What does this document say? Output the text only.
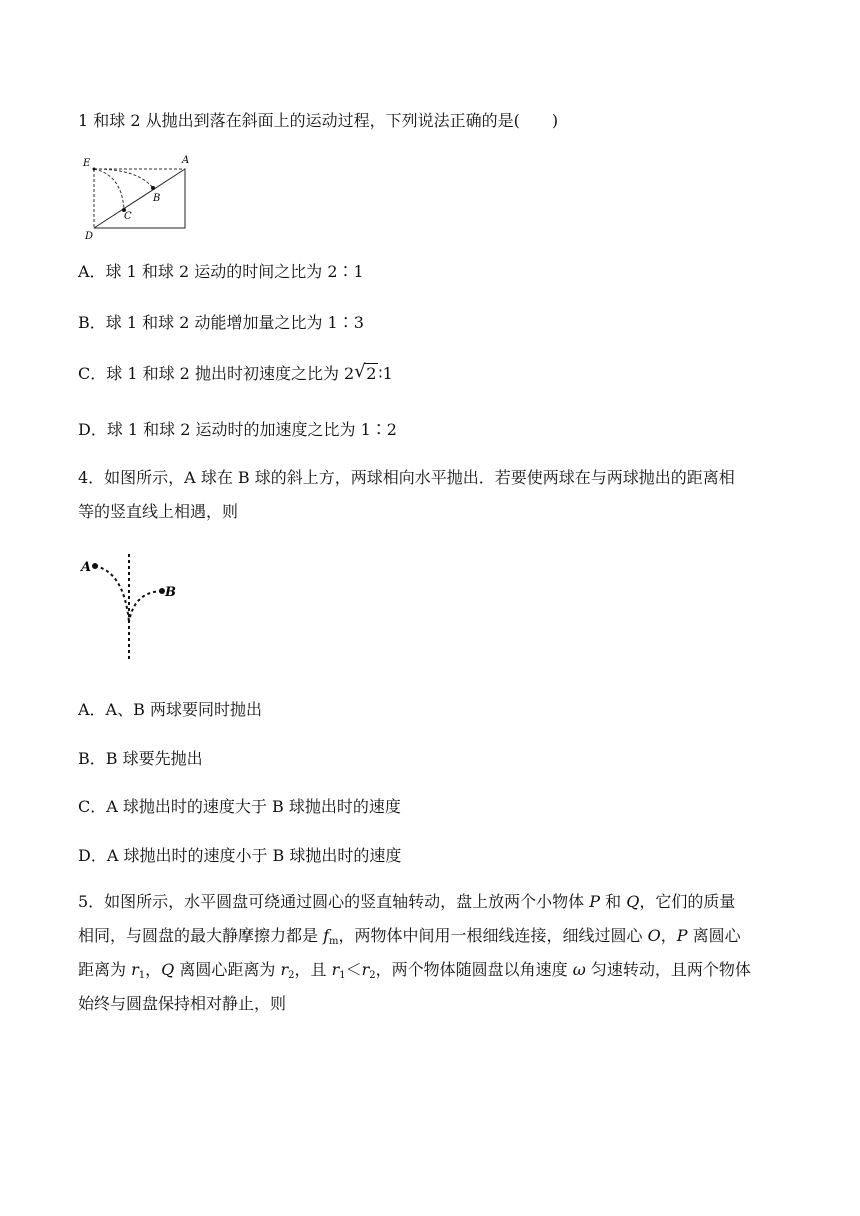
1 和球 2 从抛出到落在斜面上的运动过程，下列说法正确的是(　　)
E	A
B
C
D
A．球 1 和球 2 运动的时间之比为 2∶1
B．球 1 和球 2 动能增加量之比为 1∶3
C．球 1 和球 2 抛出时初速度之比为 2 √ 2 ∶1
D．球 1 和球 2 运动时的加速度之比为 1∶2
4．如图所示，A 球在 B 球的斜上方，两球相向水平抛出．若要使两球在与两球抛出的距离相
等的竖直线上相遇，则
A
B
A．A、B 两球要同时抛出
B．B 球要先抛出
C．A 球抛出时的速度大于 B 球抛出时的速度
D．A 球抛出时的速度小于 B 球抛出时的速度
5．如图所示，水平圆盘可绕通过圆心的竖直轴转动，盘上放两个小物体 P 和 Q，它们的质量
相同，与圆盘的最大静摩擦力都是 $f_m$，两物体中间用一根细线连接，细线过圆心 O，P 离圆心
距离为 $r_1$，Q 离圆心距离为 $r_2$，且 $r_1<r_2$，两个物体随圆盘以角速度 ω 匀速转动，且两个物体
始终与圆盘保持相对静止，则
